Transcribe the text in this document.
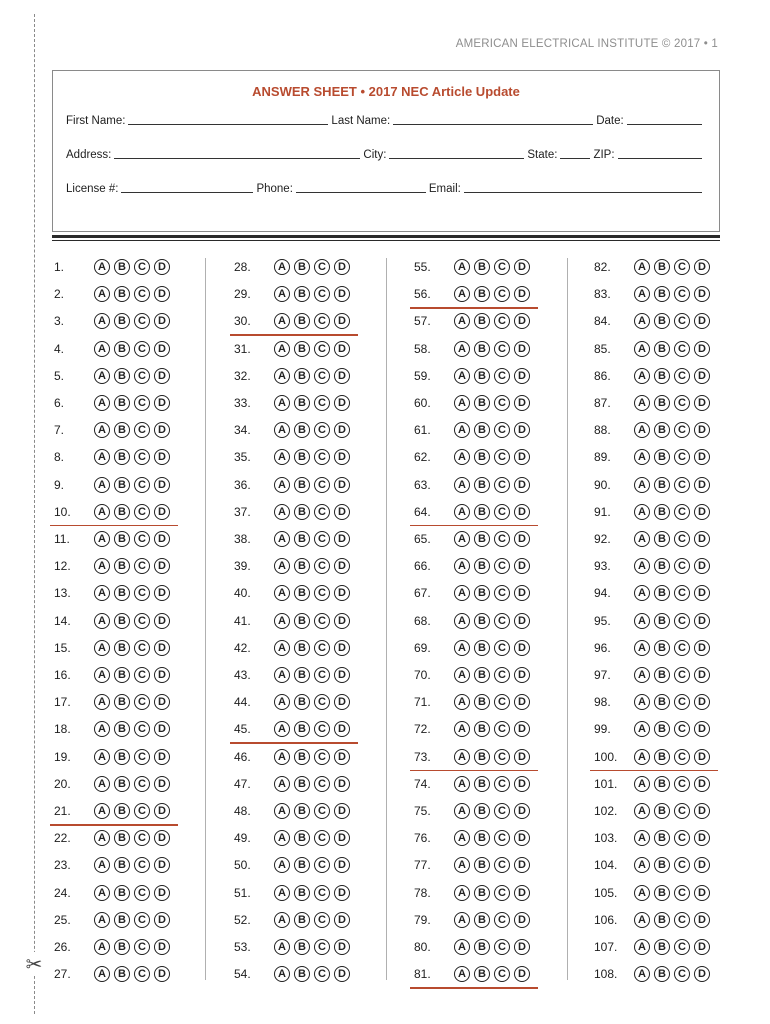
✂
AMERICAN ELECTRICAL INSTITUTE © 2017 • 1
ANSWER SHEET • 2017 NEC Article Update
First Name:	Last Name:	Date:
Address:	City:	State:	ZIP:
License #:	Phone:	Email:
1.	A	B	C	D
2.	A	B	C	D
3.	A	B	C	D
4.	A	B	C	D
5.	A	B	C	D
6.	A	B	C	D
7.	A	B	C	D
8.	A	B	C	D
9.	A	B	C	D
10.	A	B	C	D
11.	A	B	C	D
12.	A	B	C	D
13.	A	B	C	D
14.	A	B	C	D
15.	A	B	C	D
16.	A	B	C	D
17.	A	B	C	D
18.	A	B	C	D
19.	A	B	C	D
20.	A	B	C	D
21.	A	B	C	D
22.	A	B	C	D
23.	A	B	C	D
24.	A	B	C	D
25.	A	B	C	D
26.	A	B	C	D
27.	A	B	C	D
28.	A	B	C	D
29.	A	B	C	D
30.	A	B	C	D
31.	A	B	C	D
32.	A	B	C	D
33.	A	B	C	D
34.	A	B	C	D
35.	A	B	C	D
36.	A	B	C	D
37.	A	B	C	D
38.	A	B	C	D
39.	A	B	C	D
40.	A	B	C	D
41.	A	B	C	D
42.	A	B	C	D
43.	A	B	C	D
44.	A	B	C	D
45.	A	B	C	D
46.	A	B	C	D
47.	A	B	C	D
48.	A	B	C	D
49.	A	B	C	D
50.	A	B	C	D
51.	A	B	C	D
52.	A	B	C	D
53.	A	B	C	D
54.	A	B	C	D
55.	A	B	C	D
56.	A	B	C	D
57.	A	B	C	D
58.	A	B	C	D
59.	A	B	C	D
60.	A	B	C	D
61.	A	B	C	D
62.	A	B	C	D
63.	A	B	C	D
64.	A	B	C	D
65.	A	B	C	D
66.	A	B	C	D
67.	A	B	C	D
68.	A	B	C	D
69.	A	B	C	D
70.	A	B	C	D
71.	A	B	C	D
72.	A	B	C	D
73.	A	B	C	D
74.	A	B	C	D
75.	A	B	C	D
76.	A	B	C	D
77.	A	B	C	D
78.	A	B	C	D
79.	A	B	C	D
80.	A	B	C	D
81.	A	B	C	D
82.	A	B	C	D
83.	A	B	C	D
84.	A	B	C	D
85.	A	B	C	D
86.	A	B	C	D
87.	A	B	C	D
88.	A	B	C	D
89.	A	B	C	D
90.	A	B	C	D
91.	A	B	C	D
92.	A	B	C	D
93.	A	B	C	D
94.	A	B	C	D
95.	A	B	C	D
96.	A	B	C	D
97.	A	B	C	D
98.	A	B	C	D
99.	A	B	C	D
100.	A	B	C	D
101.	A	B	C	D
102.	A	B	C	D
103.	A	B	C	D
104.	A	B	C	D
105.	A	B	C	D
106.	A	B	C	D
107.	A	B	C	D
108.	A	B	C	D
